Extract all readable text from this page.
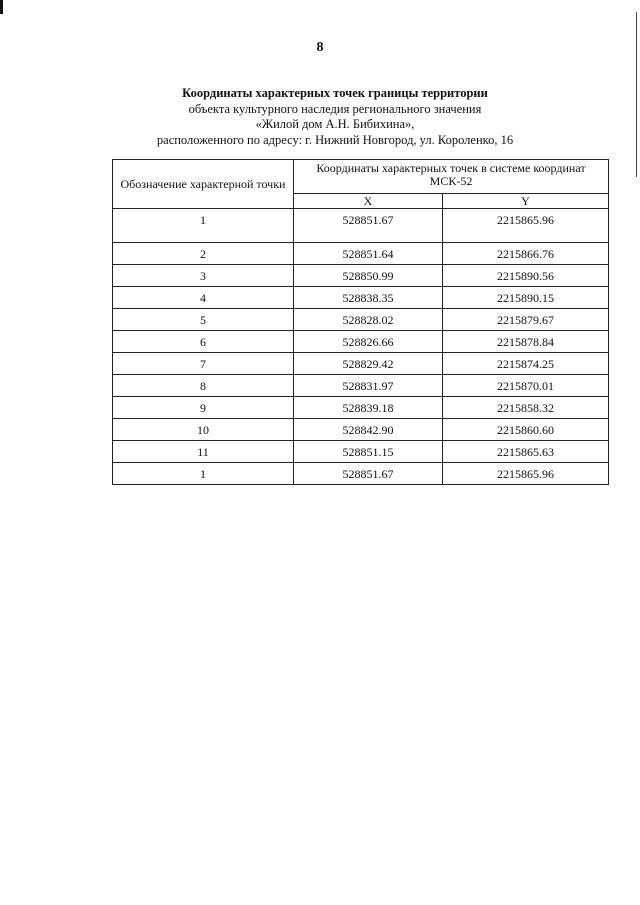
8
Координаты характерных точек границы территории
объекта культурного наследия регионального значения
«Жилой дом А.Н. Бибихина»,
расположенного по адресу: г. Нижний Новгород, ул. Короленко, 16
Обозначение характерной точки	Координаты характерных точек в системе координат МСК-52	
	X	Y
1	528851.67	2215865.96
2	528851.64	2215866.76
3	528850.99	2215890.56
4	528838.35	2215890.15
5	528828.02	2215879.67
6	528826.66	2215878.84
7	528829.42	2215874.25
8	528831.97	2215870.01
9	528839.18	2215858.32
10	528842.90	2215860.60
11	528851.15	2215865.63
1	528851.67	2215865.96
